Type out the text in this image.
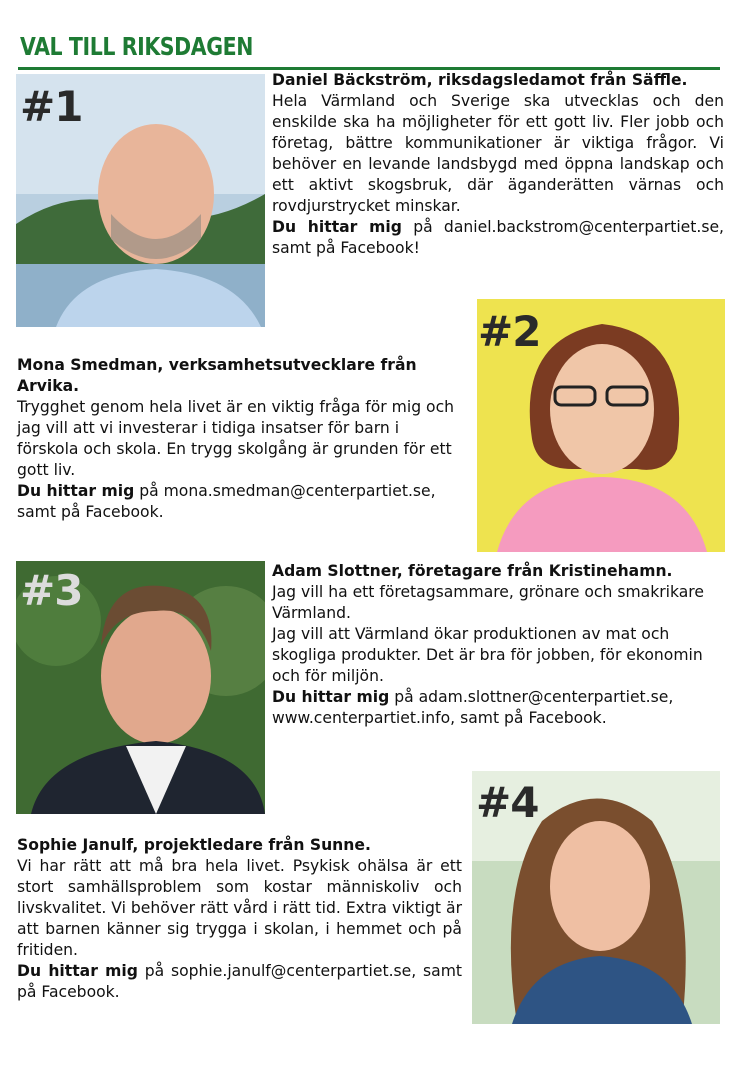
VAL TILL RIKSDAGEN
#1

Daniel Bäckström, riksdagsledamot från Säffle.

Hela Värmland och Sverige ska utvecklas och den enskilde ska ha möjligheter för ett gott liv. Fler jobb och företag, bättre kommunikationer är viktiga frågor. Vi behöver en levande landsbygd med öppna landskap och ett aktivt skogsbruk, där äganderätten värnas och rovdjurstrycket minskar.

Du hittar mig på daniel.backstrom@centerpartiet.se, samt på Facebook!

#2

Mona Smedman, verksamhetsutvecklare från Arvika.

Trygghet genom hela livet är en viktig fråga för mig och jag vill att vi investerar i tidiga insatser för barn i förskola och skola. En trygg skolgång är grunden för ett gott liv.

Du hittar mig på mona.smedman@centerpartiet.se, samt på Facebook.

#3	Adam Slottner, företagare från Kristinehamn.

Jag vill ha ett företagsammare, grönare och smakrikare Värmland.

Jag vill att Värmland ökar produktionen av mat och skogliga produkter. Det är bra för jobben, för ekonomin och för miljön.

Du hittar mig på adam.slottner@centerpartiet.se, www.centerpartiet.info, samt på Facebook.

#4

Sophie Janulf, projektledare från Sunne.

Vi har rätt att må bra hela livet. Psykisk ohälsa är ett stort samhällsproblem som kostar människoliv och livskvalitet. Vi behöver rätt vård i rätt tid. Extra viktigt är att barnen känner sig trygga i skolan, i hemmet och på fritiden.

Du hittar mig på sophie.janulf@centerpartiet.se, samt på Facebook.
